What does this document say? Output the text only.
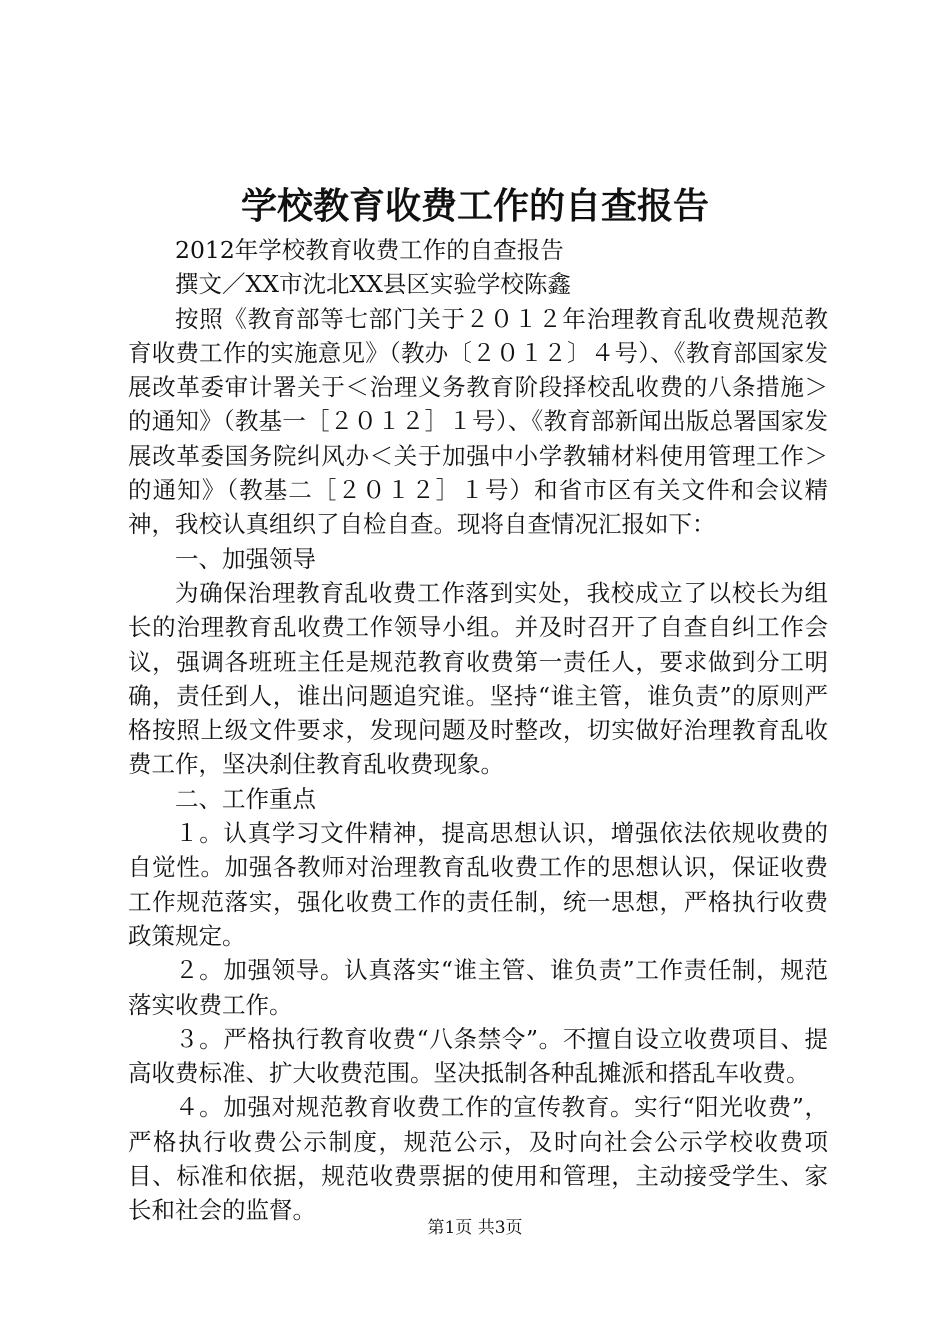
学校教育收费工作的自查报告

2012年学校教育收费工作的自查报告

撰文／XX市沈北XX县区实验学校陈鑫

按照《教育部等七部门关于２０１２年治理教育乱收费规范教育收费工作的实施意见》（教办〔２０１２〕４号）、《教育部国家发展改革委审计署关于＜治理义务教育阶段择校乱收费的八条措施＞的通知》（教基一［２０１２］１号）、《教育部新闻出版总署国家发展改革委国务院纠风办＜关于加强中小学教辅材料使用管理工作＞的通知》（教基二［２０１２］１号）和省市区有关文件和会议精神，我校认真组织了自检自查。现将自查情况汇报如下：

一、加强领导

为确保治理教育乱收费工作落到实处，我校成立了以校长为组长的治理教育乱收费工作领导小组。并及时召开了自查自纠工作会议，强调各班班主任是规范教育收费第一责任人，要求做到分工明确，责任到人，谁出问题追究谁。坚持“谁主管，谁负责”的原则严格按照上级文件要求，发现问题及时整改，切实做好治理教育乱收费工作，坚决刹住教育乱收费现象。

二、工作重点

１。认真学习文件精神，提高思想认识，增强依法依规收费的自觉性。加强各教师对治理教育乱收费工作的思想认识，保证收费工作规范落实，强化收费工作的责任制，统一思想，严格执行收费政策规定。

２。加强领导。认真落实“谁主管、谁负责”工作责任制，规范落实收费工作。

３。严格执行教育收费“八条禁令”。不擅自设立收费项目、提高收费标准、扩大收费范围。坚决抵制各种乱摊派和搭乱车收费。

４。加强对规范教育收费工作的宣传教育。实行“阳光收费”，严格执行收费公示制度，规范公示，及时向社会公示学校收费项目、标准和依据，规范收费票据的使用和管理，主动接受学生、家长和社会的监督。

第1页 共3页
